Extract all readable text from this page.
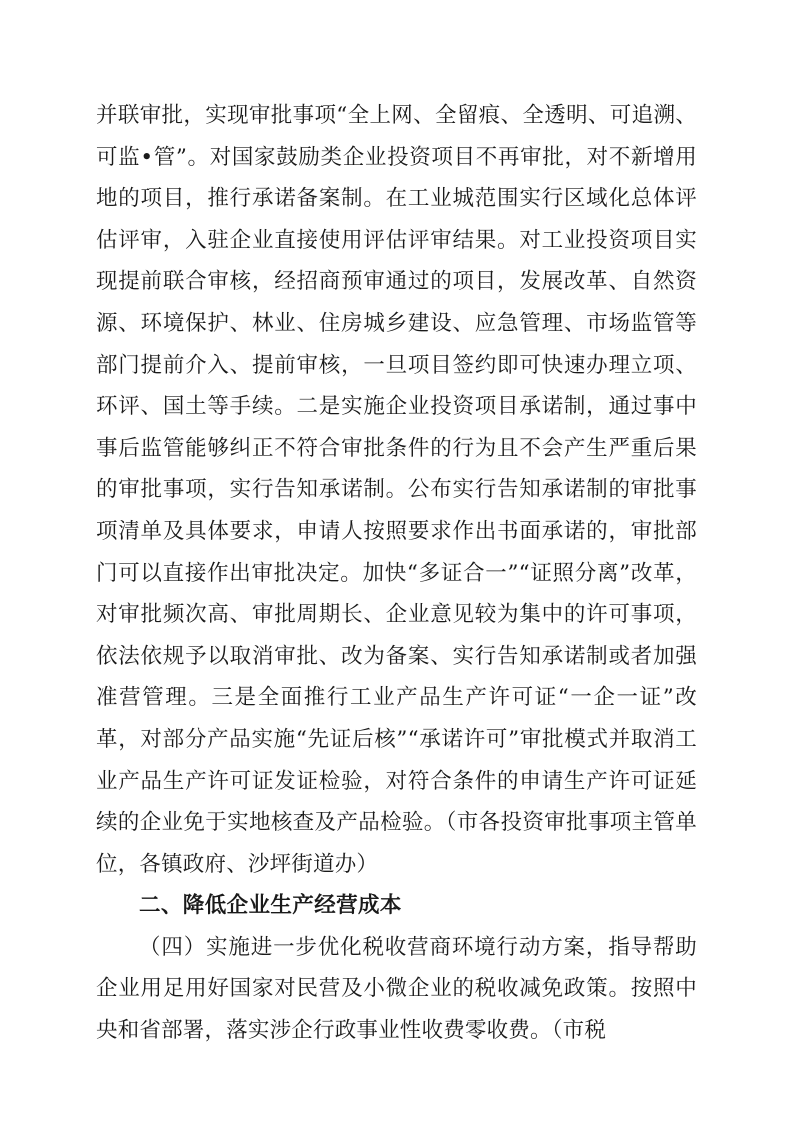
并联审批，实现审批事项“全上网、全留痕、全透明、可追溯、可监•管”。对国家鼓励类企业投资项目不再审批，对不新增用地的项目，推行承诺备案制。在工业城范围实行区域化总体评估评审，入驻企业直接使用评估评审结果。对工业投资项目实现提前联合审核，经招商预审通过的项目，发展改革、自然资源、环境保护、林业、住房城乡建设、应急管理、市场监管等部门提前介入、提前审核，一旦项目签约即可快速办理立项、环评、国土等手续。二是实施企业投资项目承诺制，通过事中事后监管能够纠正不符合审批条件的行为且不会产生严重后果的审批事项，实行告知承诺制。公布实行告知承诺制的审批事项清单及具体要求，申请人按照要求作出书面承诺的，审批部门可以直接作出审批决定。加快“多证合一”“证照分离”改革，对审批频次高、审批周期长、企业意见较为集中的许可事项，依法依规予以取消审批、改为备案、实行告知承诺制或者加强准营管理。三是全面推行工业产品生产许可证“一企一证”改革，对部分产品实施“先证后核”“承诺许可”审批模式并取消工业产品生产许可证发证检验，对符合条件的申请生产许可证延续的企业免于实地核查及产品检验。（市各投资审批事项主管单位，各镇政府、沙坪街道办）

二、降低企业生产经营成本

（四）实施进一步优化税收营商环境行动方案，指导帮助企业用足用好国家对民营及小微企业的税收减免政策。按照中央和省部署，落实涉企行政事业性收费零收费。（市税
